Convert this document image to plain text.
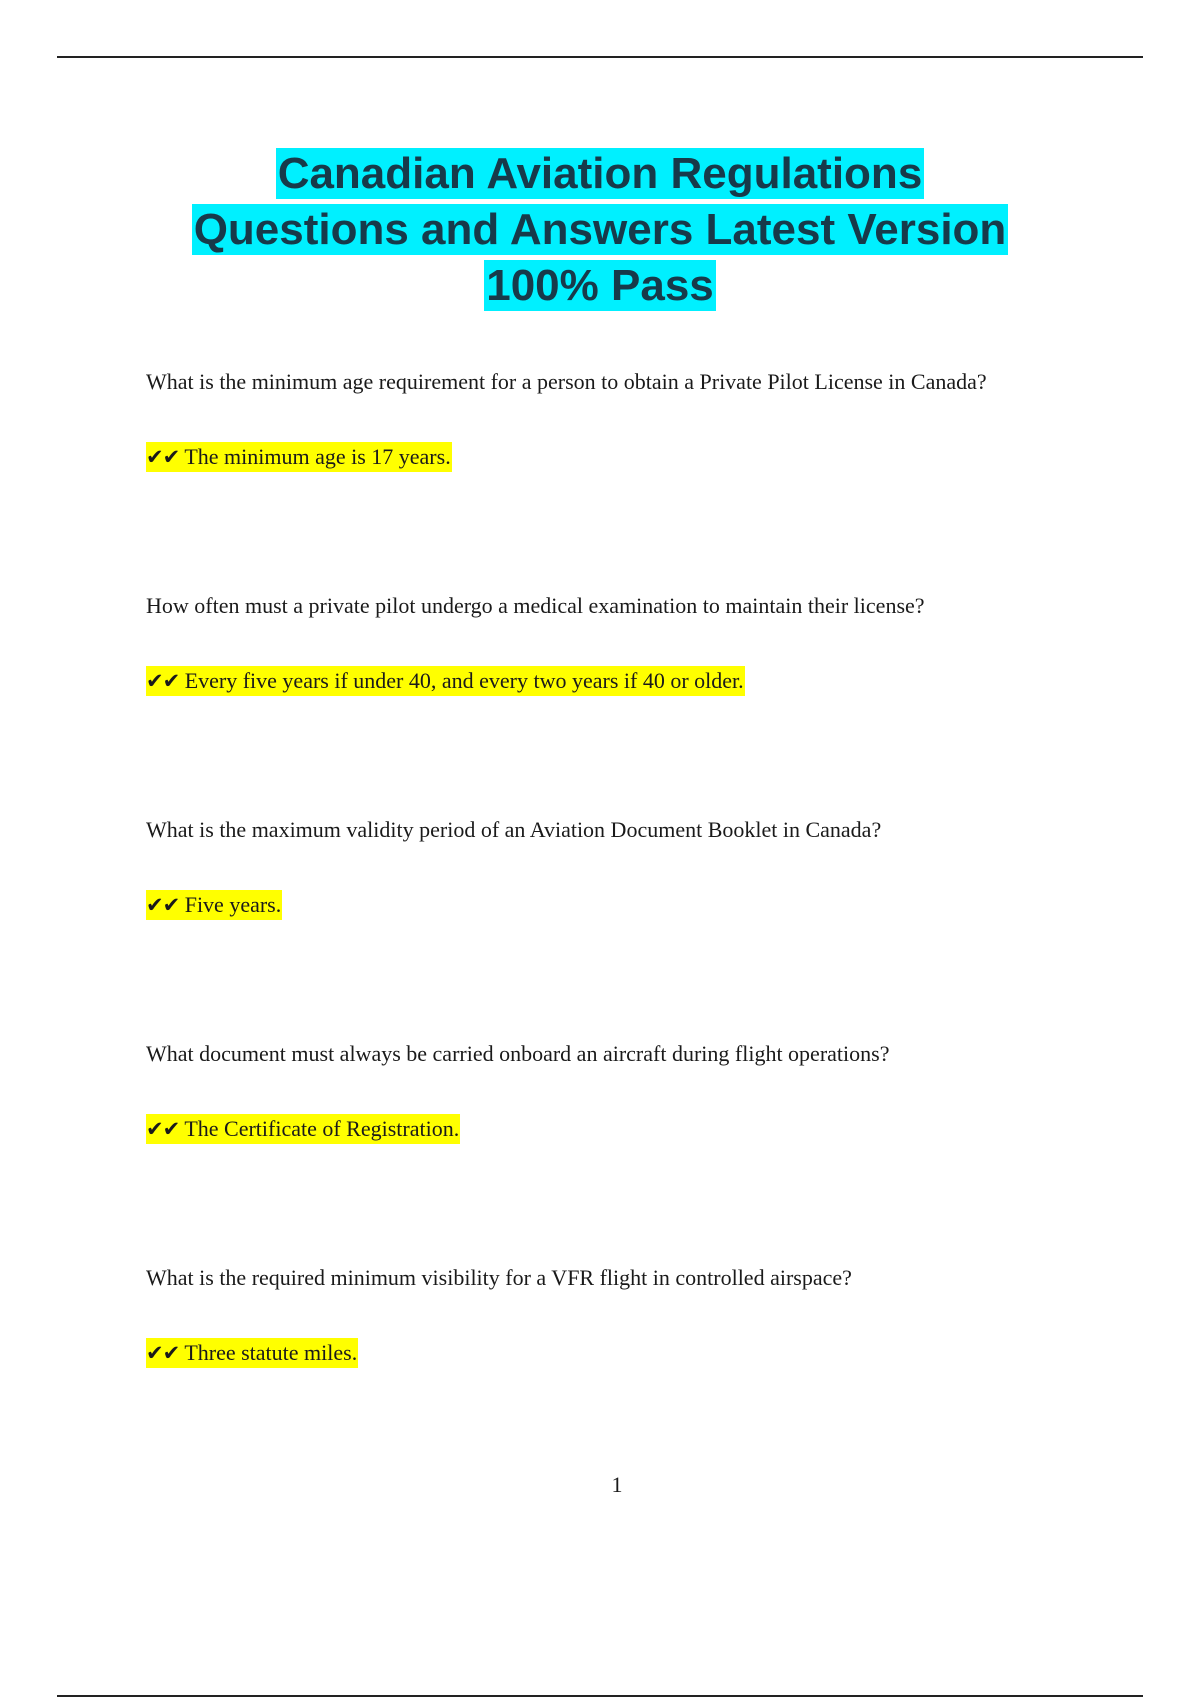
Canadian Aviation Regulations
Questions and Answers Latest Version
100% Pass

What is the minimum age requirement for a person to obtain a Private Pilot License in Canada?

✔✔ The minimum age is 17 years.

How often must a private pilot undergo a medical examination to maintain their license?

✔✔ Every five years if under 40, and every two years if 40 or older.

What is the maximum validity period of an Aviation Document Booklet in Canada?

✔✔ Five years.

What document must always be carried onboard an aircraft during flight operations?

✔✔ The Certificate of Registration.

What is the required minimum visibility for a VFR flight in controlled airspace?

✔✔ Three statute miles.
1
